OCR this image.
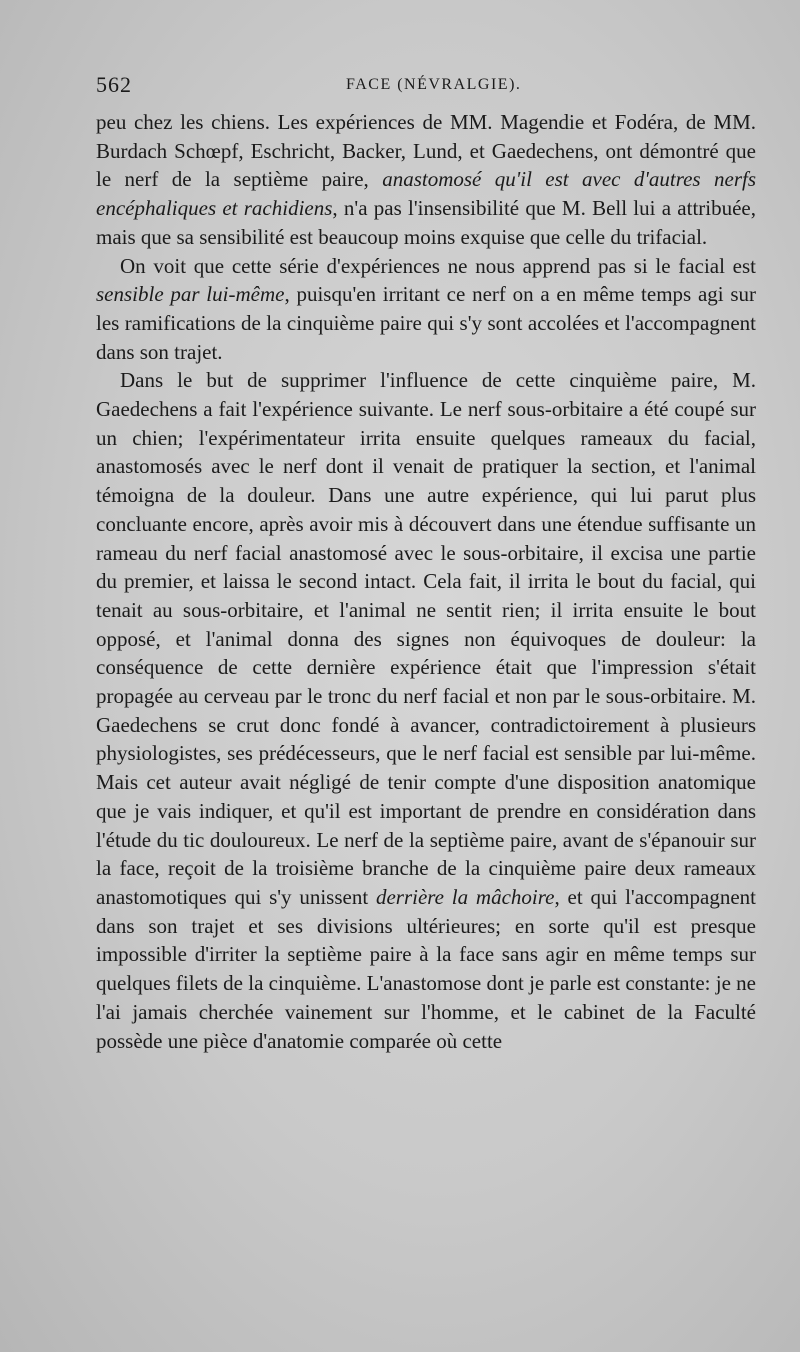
562	FACE (NÉVRALGIE).

peu chez les chiens. Les expériences de MM. Magendie et Fodéra, de MM. Burdach Schœpf, Eschricht, Backer, Lund, et Gaedechens, ont démontré que le nerf de la septième paire, anastomosé qu'il est avec d'autres nerfs encéphaliques et rachidiens, n'a pas l'insensibilité que M. Bell lui a attribuée, mais que sa sensibilité est beaucoup moins exquise que celle du trifacial.

On voit que cette série d'expériences ne nous apprend pas si le facial est sensible par lui-même, puisqu'en irritant ce nerf on a en même temps agi sur les ramifications de la cinquième paire qui s'y sont accolées et l'accompagnent dans son trajet.

Dans le but de supprimer l'influence de cette cinquième paire, M. Gaedechens a fait l'expérience suivante. Le nerf sous-orbitaire a été coupé sur un chien; l'expérimentateur irrita ensuite quelques rameaux du facial, anastomosés avec le nerf dont il venait de pratiquer la section, et l'animal témoigna de la douleur. Dans une autre expérience, qui lui parut plus concluante encore, après avoir mis à découvert dans une étendue suffisante un rameau du nerf facial anastomosé avec le sous-orbitaire, il excisa une partie du premier, et laissa le second intact. Cela fait, il irrita le bout du facial, qui tenait au sous-orbitaire, et l'animal ne sentit rien; il irrita ensuite le bout opposé, et l'animal donna des signes non équivoques de douleur: la conséquence de cette dernière expérience était que l'impression s'était propagée au cerveau par le tronc du nerf facial et non par le sous-orbitaire. M. Gaedechens se crut donc fondé à avancer, contradictoirement à plusieurs physiologistes, ses prédécesseurs, que le nerf facial est sensible par lui-même. Mais cet auteur avait négligé de tenir compte d'une disposition anatomique que je vais indiquer, et qu'il est important de prendre en considération dans l'étude du tic douloureux. Le nerf de la septième paire, avant de s'épanouir sur la face, reçoit de la troisième branche de la cinquième paire deux rameaux anastomotiques qui s'y unissent derrière la mâchoire, et qui l'accompagnent dans son trajet et ses divisions ultérieures; en sorte qu'il est presque impossible d'irriter la septième paire à la face sans agir en même temps sur quelques filets de la cinquième. L'anastomose dont je parle est constante: je ne l'ai jamais cherchée vainement sur l'homme, et le cabinet de la Faculté possède une pièce d'anatomie comparée où cette
